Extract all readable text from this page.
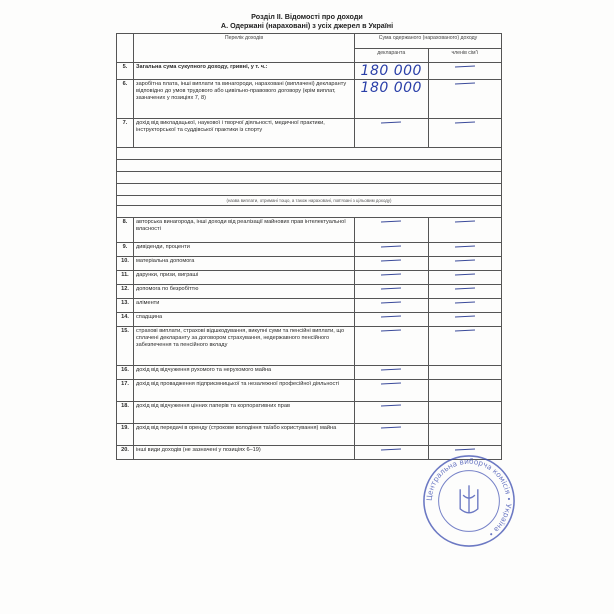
Розділ ІІ. Відомості про доходи
А. Одержані (нараховані) з усіх джерел в Україні
	Перелік доходів	Сума одержаного (нарахованого) доходу	
		декларанта	членів сім'ї
5.	Загальна сума сукупного доходу, гривні, у т. ч.:	180 000	
6.	заробітна плата, інші виплати та винагороди, нараховані (виплачені) декларанту відповідно до умов трудового або цивільно-правового договору (крім виплат, зазначених у позиціях 7, 8)	180 000	
7.	дохід від викладацької, наукової і творчої діяльності, медичної практики, інструкторської та суддівської практики із спорту		

(назва виплати, отримані тощо, а також нараховані, пов'язані з цільовим доходу)			

8.	авторська винагорода, інші доходи від реалізації майнових прав інтелектуальної власності		
9.	дивіденди, проценти		
10.	матеріальна допомога		
11.	дарунки, призи, виграші		
12.	допомога по безробіттю		
13.	аліменти		
14.	спадщина		
15.	страхові виплати, страхові відшкодування, викупні суми та пенсійні виплати, що сплачені декларанту за договором страхування, недержавного пенсійного забезпечення та пенсійного вкладу		
16.	дохід від відчуження рухомого та нерухомого майна		
17.	дохід від провадження підприємницької та незалежної професійної діяльності		
18.	дохід від відчуження цінних паперів та корпоративних прав		
19.	дохід від передачі в оренду (строкове володіння та/або користування) майна		
20.	інші види доходів (не зазначені у позиціях 6–19)		
Центральна виборча комісія • Україна •
